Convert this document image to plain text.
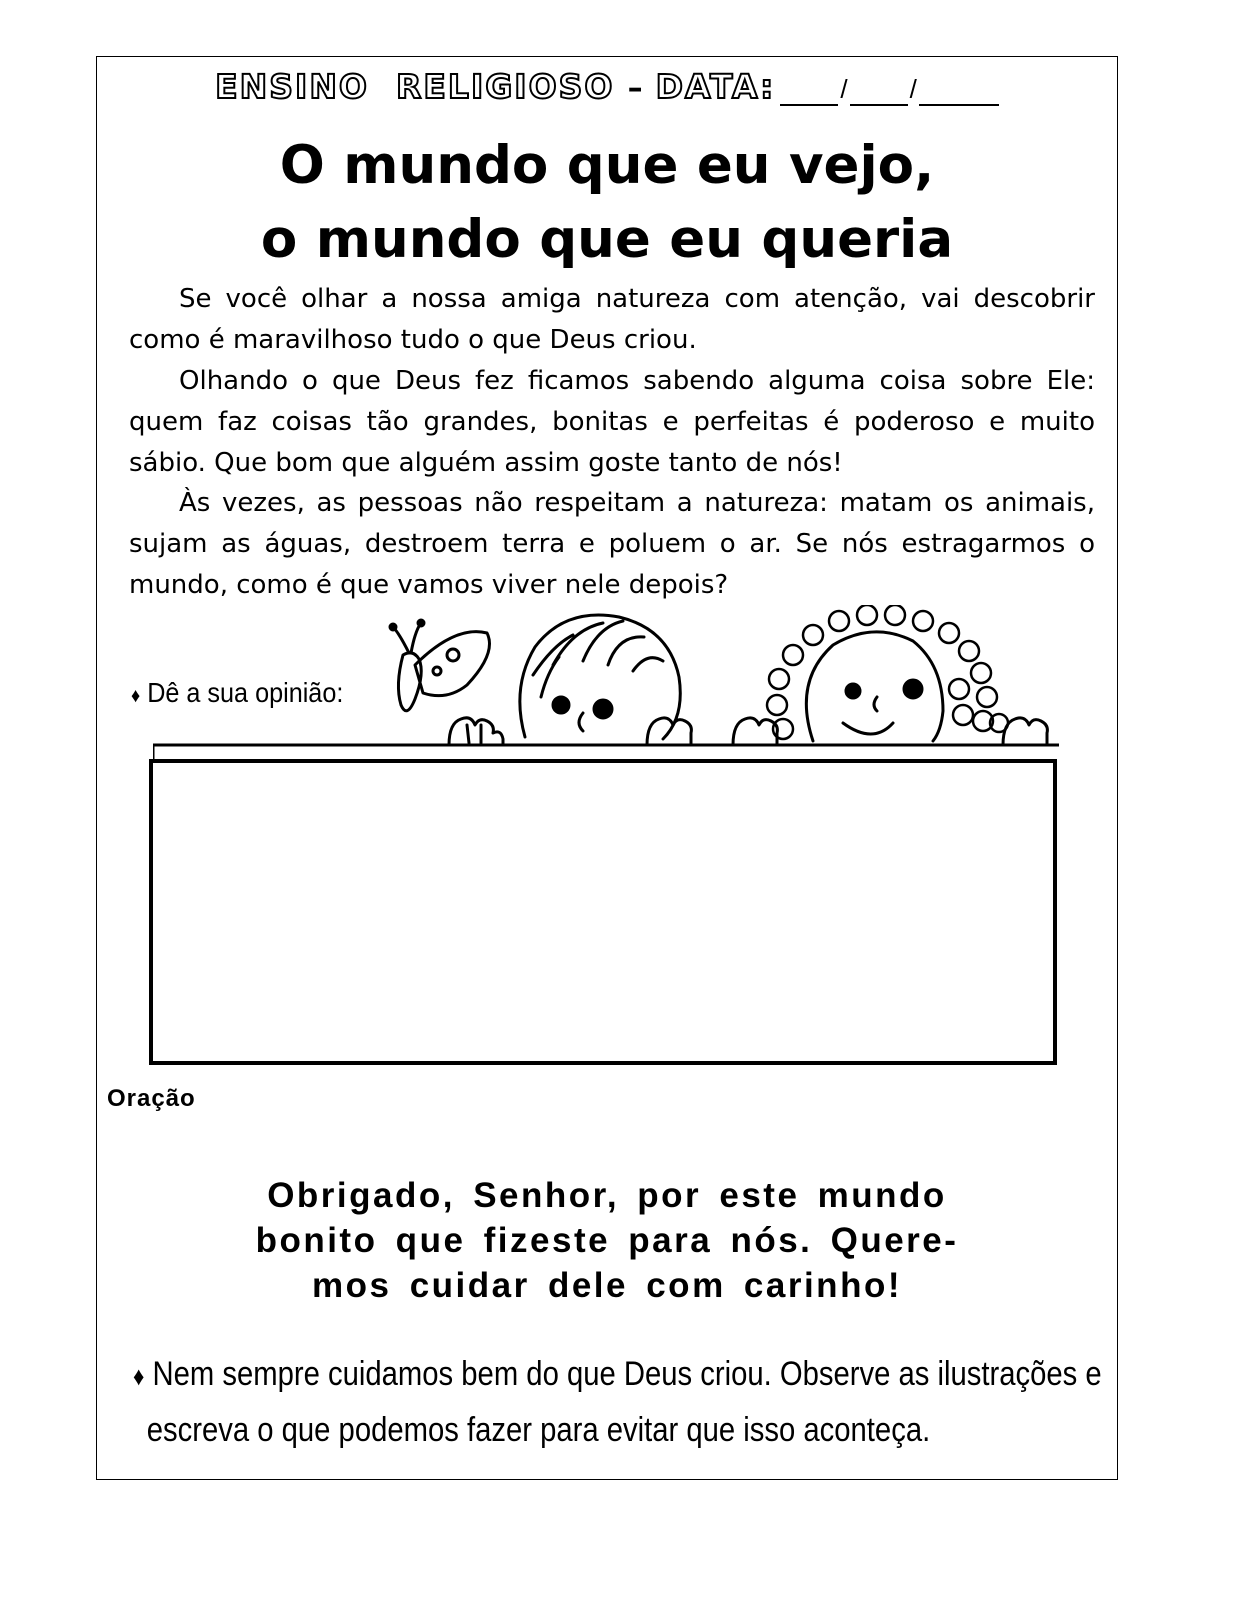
ENSINO  RELIGIOSO – DATA:	/ /
O mundo que eu vejo,
o mundo que eu queria

Se você olhar a nossa amiga natureza com atenção, vai descobrir como é maravilhoso tudo o que Deus criou.

Olhando o que Deus fez ficamos sabendo alguma coisa sobre Ele: quem faz coisas tão grandes, bonitas e perfeitas é poderoso e muito sábio. Que bom que alguém assim goste tanto de nós!

Às vezes, as pessoas não respeitam a natureza: matam os animais, sujam as águas, destroem terra e poluem o ar. Se nós estragarmos o mundo, como é que vamos viver nele depois?

♦ Dê a sua opinião:
Oração
Obrigado, Senhor, por este mundo
bonito que fizeste para nós. Quere-
mos cuidar dele com carinho!
♦ Nem sempre cuidamos bem do que Deus criou. Observe as ilustrações e
escreva o que podemos fazer para evitar que isso aconteça.
